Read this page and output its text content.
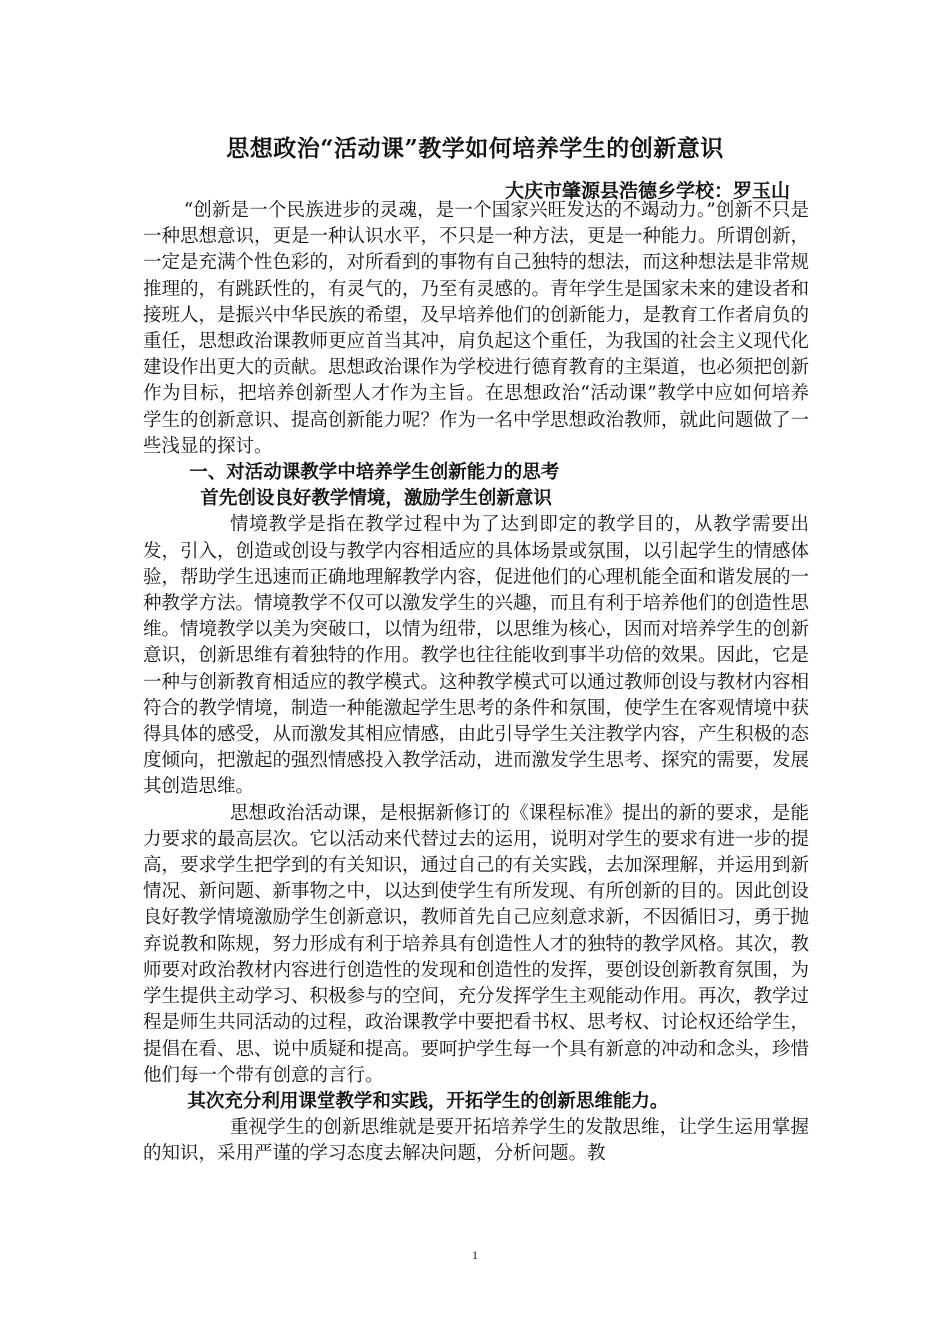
思想政治“活动课”教学如何培养学生的创新意识
大庆市肇源县浩德乡学校：罗玉山

“创新是一个民族进步的灵魂，是一个国家兴旺发达的不竭动力。”创新不只是一种思想意识，更是一种认识水平，不只是一种方法，更是一种能力。所谓创新，一定是充满个性色彩的，对所看到的事物有自己独特的想法，而这种想法是非常规推理的，有跳跃性的，有灵气的，乃至有灵感的。青年学生是国家未来的建设者和接班人，是振兴中华民族的希望，及早培养他们的创新能力，是教育工作者肩负的重任，思想政治课教师更应首当其冲，肩负起这个重任，为我国的社会主义现代化建设作出更大的贡献。思想政治课作为学校进行德育教育的主渠道，也必须把创新作为目标，把培养创新型人才作为主旨。在思想政治“活动课”教学中应如何培养学生的创新意识、提高创新能力呢？作为一名中学思想政治教师，就此问题做了一些浅显的探讨。

一、对活动课教学中培养学生创新能力的思考

首先创设良好教学情境，激励学生创新意识

情境教学是指在教学过程中为了达到即定的教学目的，从教学需要出发，引入，创造或创设与教学内容相适应的具体场景或氛围，以引起学生的情感体验，帮助学生迅速而正确地理解教学内容，促进他们的心理机能全面和谐发展的一种教学方法。情境教学不仅可以激发学生的兴趣，而且有利于培养他们的创造性思维。情境教学以美为突破口，以情为纽带，以思维为核心，因而对培养学生的创新意识，创新思维有着独特的作用。教学也往往能收到事半功倍的效果。因此，它是一种与创新教育相适应的教学模式。这种教学模式可以通过教师创设与教材内容相符合的教学情境，制造一种能激起学生思考的条件和氛围，使学生在客观情境中获得具体的感受，从而激发其相应情感，由此引导学生关注教学内容，产生积极的态度倾向，把激起的强烈情感投入教学活动，进而激发学生思考、探究的需要，发展其创造思维。

思想政治活动课，是根据新修订的《课程标准》提出的新的要求，是能力要求的最高层次。它以活动来代替过去的运用，说明对学生的要求有进一步的提高，要求学生把学到的有关知识，通过自己的有关实践，去加深理解，并运用到新情况、新问题、新事物之中，以达到使学生有所发现、有所创新的目的。因此创设良好教学情境激励学生创新意识，教师首先自己应刻意求新，不因循旧习，勇于抛弃说教和陈规，努力形成有利于培养具有创造性人才的独特的教学风格。其次，教师要对政治教材内容进行创造性的发现和创造性的发挥，要创设创新教育氛围，为学生提供主动学习、积极参与的空间，充分发挥学生主观能动作用。再次，教学过程是师生共同活动的过程，政治课教学中要把看书权、思考权、讨论权还给学生，提倡在看、思、说中质疑和提高。要呵护学生每一个具有新意的冲动和念头，珍惜他们每一个带有创意的言行。

其次充分利用课堂教学和实践，开拓学生的创新思维能力。

重视学生的创新思维就是要开拓培养学生的发散思维，让学生运用掌握的知识，采用严谨的学习态度去解决问题，分析问题。教

1
